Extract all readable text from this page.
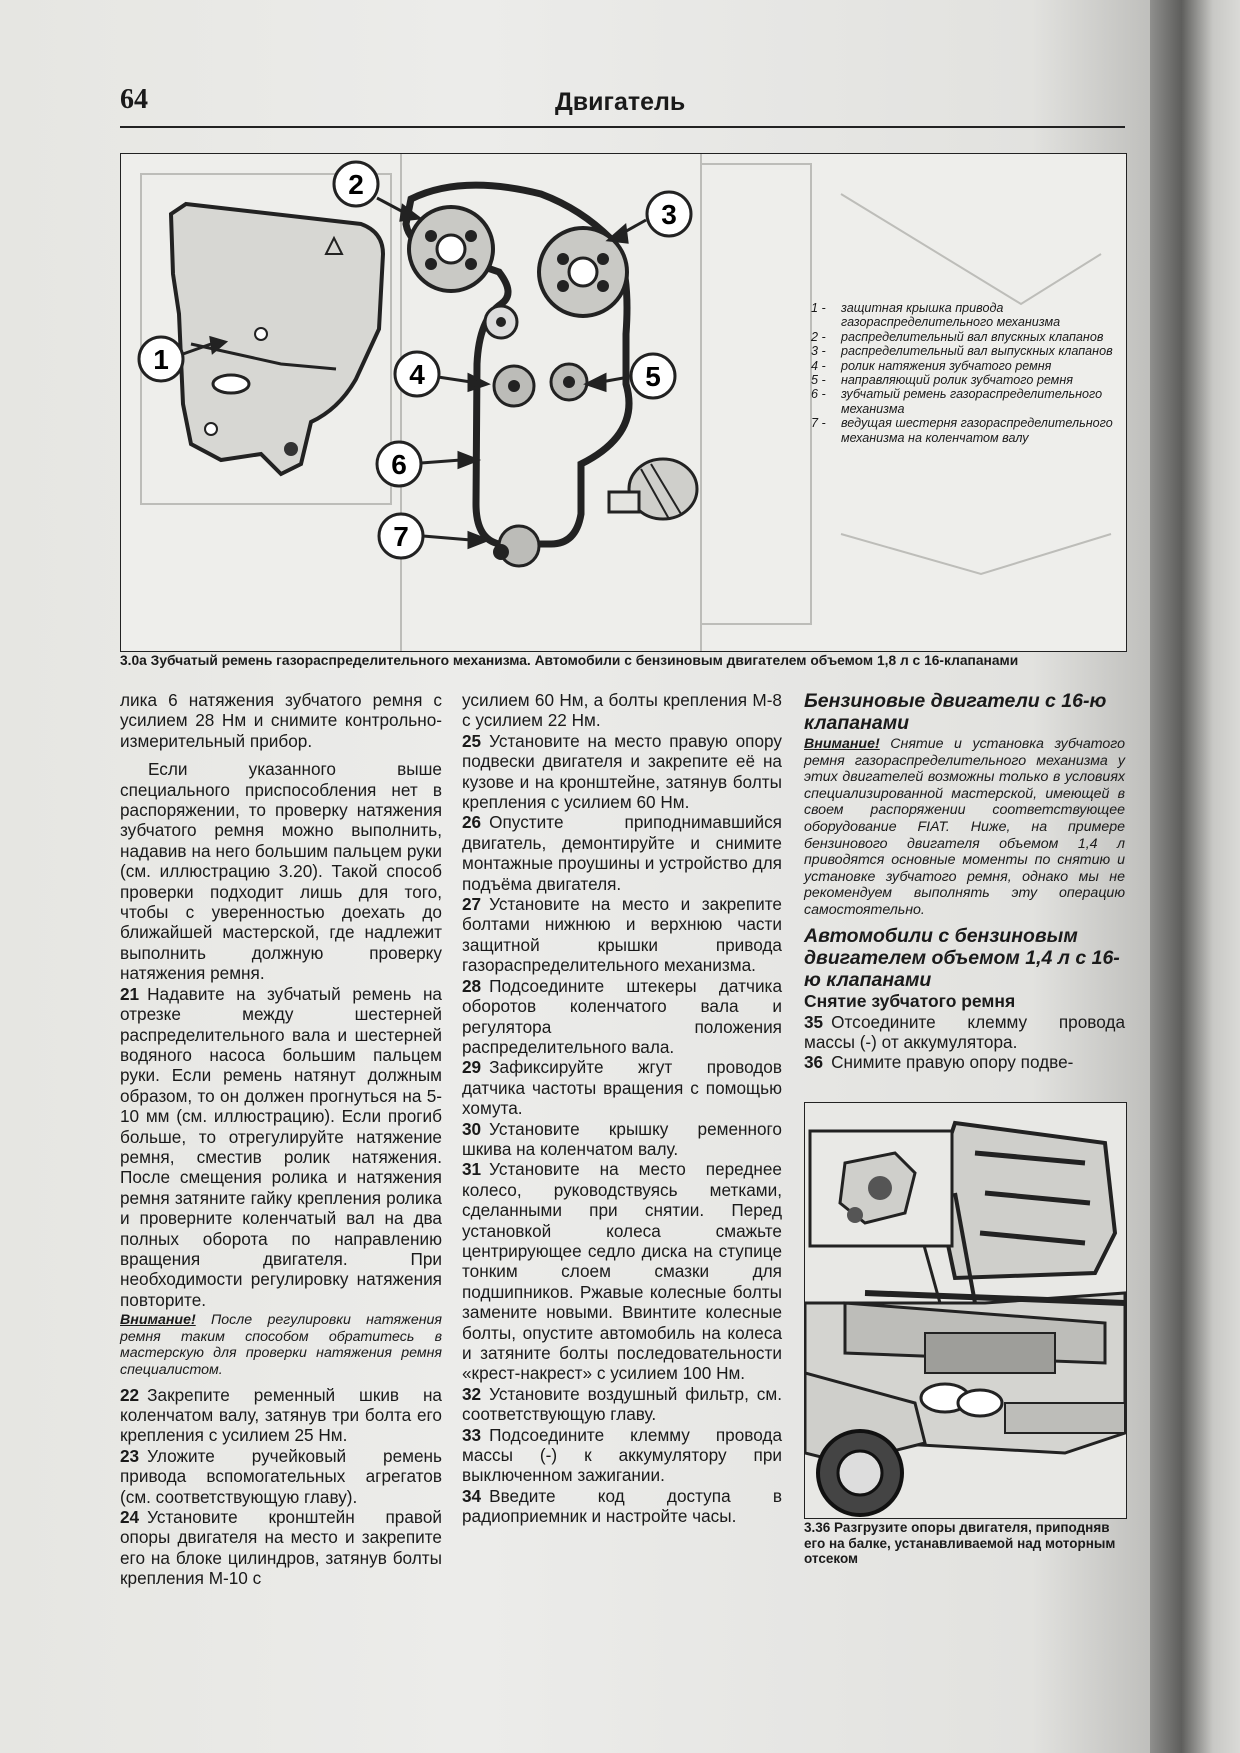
64	Двигатель
1
2
3
4	5
6
7
1 -	защитная крышка привода газораспределительного механизма
2 -	распределительный вал впускных клапанов
3 -	распределительный вал выпускных клапанов
4 -	ролик натяжения зубчатого ремня
5 -	направляющий ролик зубчатого ремня
6 -	зубчатый ремень газораспределительного механизма
7 -	ведущая шестерня газораспределительного механизма на коленчатом валу
3.0а Зубчатый ремень газораспределительного механизма. Автомобили с бензиновым двигателем объемом 1,8 л с 16-клапанами

лика 6 натяжения зубчатого ремня с усилием 28 Нм и снимите контрольно-измерительный прибор.

Если указанного выше специального приспособления нет в распоряжении, то проверку натяжения зубчатого ремня можно выполнить, надавив на него большим пальцем руки (см. иллюстрацию 3.20). Такой способ проверки подходит лишь для того, чтобы с уверенностью доехать до ближайшей мастерской, где надлежит выполнить должную проверку натяжения ремня.

21 Надавите на зубчатый ремень на отрезке между шестерней распределительного вала и шестерней водяного насоса большим пальцем руки. Если ремень натянут должным образом, то он должен прогнуться на 5-10 мм (см. иллюстрацию). Если прогиб больше, то отрегулируйте натяжение ремня, сместив ролик натяжения. После смещения ролика и натяжения ремня затяните гайку крепления ролика и проверните коленчатый вал на два полных оборота по направлению вращения двигателя. При необходимости регулировку натяжения повторите.

Внимание! После регулировки натяжения ремня таким способом обратитесь в мастерскую для проверки натяжения ремня специалистом.

22 Закрепите ременный шкив на коленчатом валу, затянув три болта его крепления с усилием 25 Нм.

23 Уложите ручейковый ремень привода вспомогательных агрегатов (см. соответствующую главу).

24 Установите кронштейн правой опоры двигателя на место и закрепите его на блоке цилиндров, затянув болты крепления М-10 с

усилием 60 Нм, а болты крепления М-8 с усилием 22 Нм.

25 Установите на место правую опору подвески двигателя и закрепите её на кузове и на кронштейне, затянув болты крепления с усилием 60 Нм.

26 Опустите приподнимавшийся двигатель, демонтируйте и снимите монтажные проушины и устройство для подъёма двигателя.

27 Установите на место и закрепите болтами нижнюю и верхнюю части защитной крышки привода газораспределительного механизма.

28 Подсоедините штекеры датчика оборотов коленчатого вала и регулятора положения распределительного вала.

29 Зафиксируйте жгут проводов датчика частоты вращения с помощью хомута.

30 Установите крышку ременного шкива на коленчатом валу.

31 Установите на место переднее колесо, руководствуясь метками, сделанными при снятии. Перед установкой колеса смажьте центрирующее седло диска на ступице тонким слоем смазки для подшипников. Ржавые колесные болты замените новыми. Ввинтите колесные болты, опустите автомобиль на колеса и затяните болты последовательности «крест-накрест» с усилием 100 Нм.

32 Установите воздушный фильтр, см. соответствующую главу.

33 Подсоедините клемму провода массы (-) к аккумулятору при выключенном зажигании.

34 Введите код доступа в радиоприемник и настройте часы.

Бензиновые двигатели с 16-ю клапанами

Внимание! Снятие и установка зубчатого ремня газораспределительного механизма у этих двигателей возможны только в условиях специализированной мастерской, имеющей в своем распоряжении соответствующее оборудование FIAT. Ниже, на примере бензинового двигателя объемом 1,4 л приводятся основные моменты по снятию и установке зубчатого ремня, однако мы не рекомендуем выполнять эту операцию самостоятельно.

Автомобили с бензиновым двигателем объемом 1,4 л с 16-ю клапанами

Снятие зубчатого ремня

35 Отсоедините клемму провода массы (-) от аккумулятора.

36 Снимите правую опору подве-

3.36 Разгрузите опоры двигателя, приподняв его на балке, устанавливаемой над моторным отсеком
